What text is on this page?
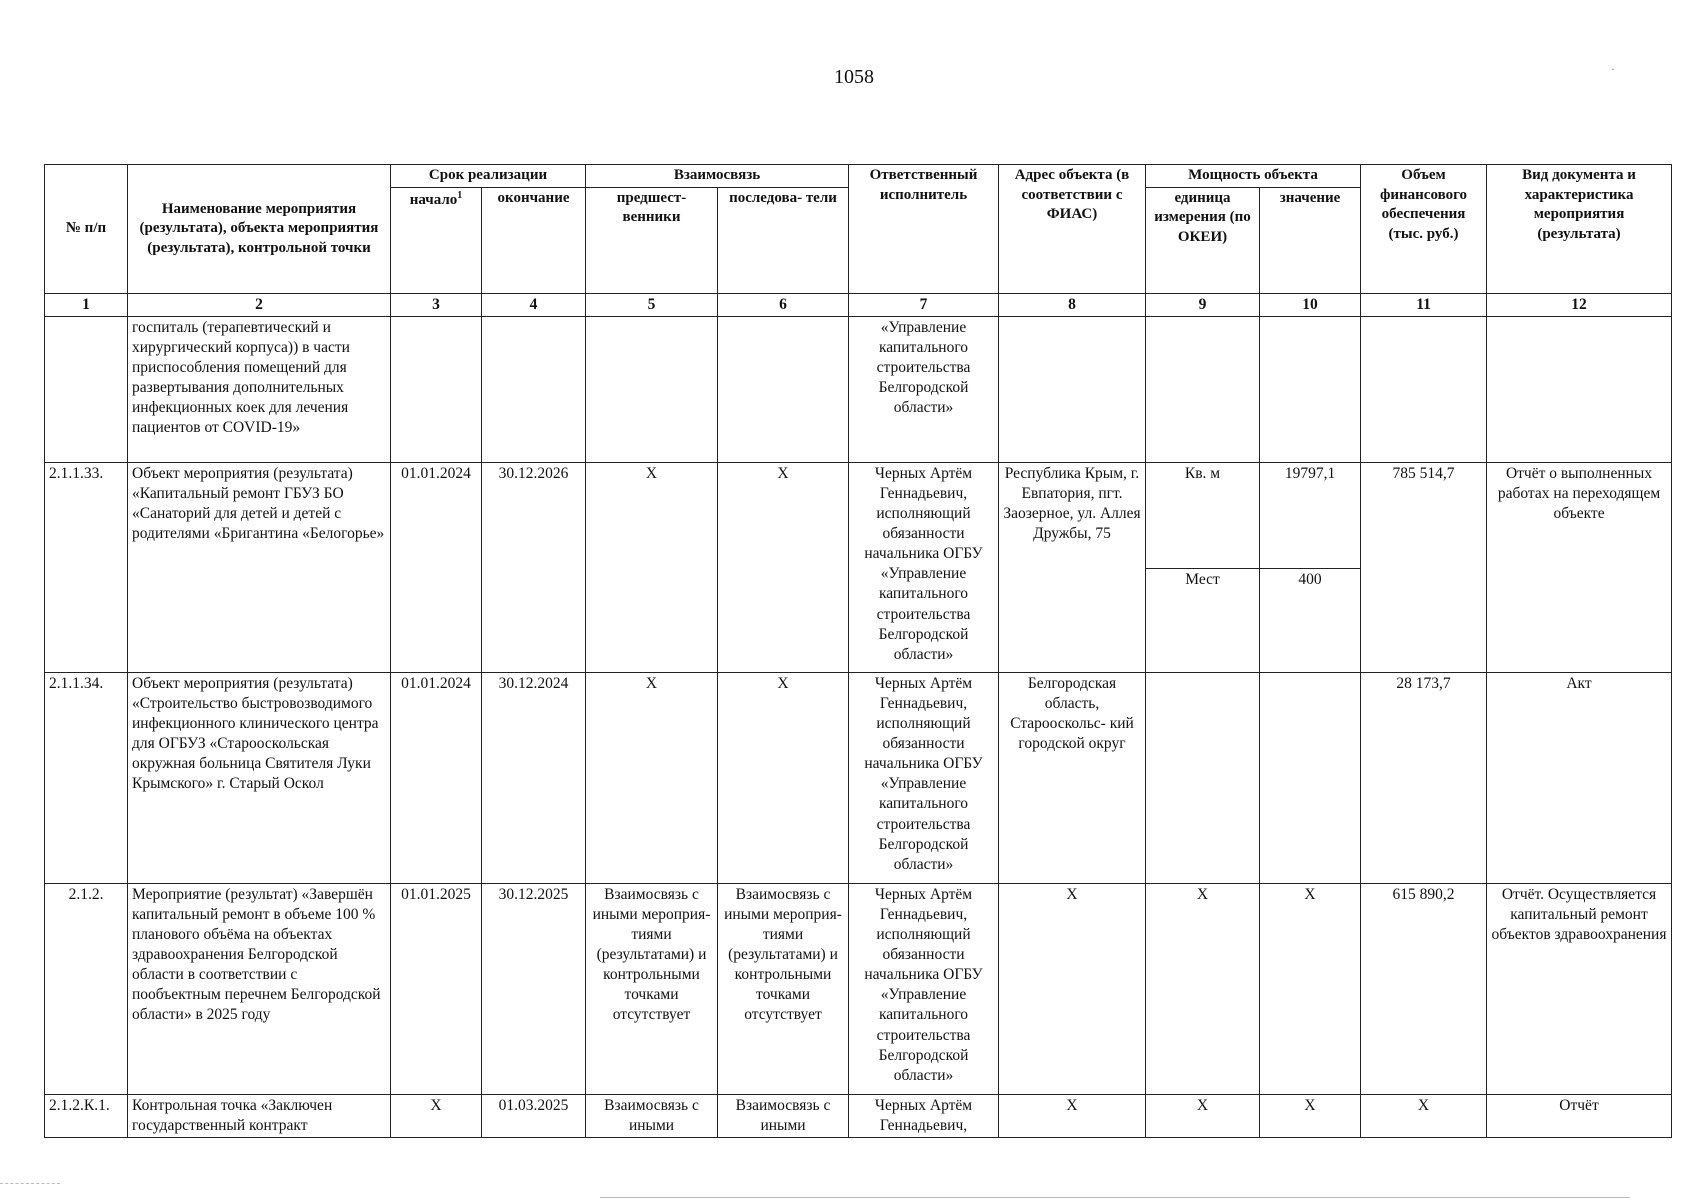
1058	·
№ п/п	Наименование мероприятия (результата), объекта мероприятия (результата), контрольной точки	Срок реализации		Взаимосвязь		Ответственный исполнитель	Адрес объекта (в соответствии с ФИАС)	Мощность объекта		Объем финансового обеспечения (тыс. руб.)	Вид документа и характеристика мероприятия (результата)
		начало$^1$	окончание	предшест- венники	последова- тели			единица измерения (по ОКЕИ)	значение		
1	2	3	4	5	6	7	8	9	10	11	12
	госпиталь (терапевтический и хирургический корпуса)) в части приспособления помещений для развертывания дополнительных инфекционных коек для лечения пациентов от COVID-19»					«Управление капитального строительства Белгородской области»					
2.1.1.33.	Объект мероприятия (результата) «Капитальный ремонт ГБУЗ БО «Санаторий для детей и детей с родителями «Бригантина «Белогорье»	01.01.2024	30.12.2026	X	X	Черных Артём Геннадьевич, исполняющий обязанности начальника ОГБУ «Управление капитального строительства Белгородской области»	Республика Крым, г. Евпатория, пгт. Заозерное, ул. Аллея Дружбы, 75	Кв. м	19797,1	785 514,7	Отчёт о выполненных работах на переходящем объекте
								Мест	400		
2.1.1.34.	Объект мероприятия (результата) «Строительство быстровозводимого инфекционного клинического центра для ОГБУЗ «Старооскольская окружная больница Святителя Луки Крымского» г. Старый Оскол	01.01.2024	30.12.2024	X	X	Черных Артём Геннадьевич, исполняющий обязанности начальника ОГБУ «Управление капитального строительства Белгородской области»	Белгородская область, Старооскольс- кий городской округ			28 173,7	Акт
2.1.2.	Мероприятие (результат) «Завершён капитальный ремонт в объеме 100 % планового объёма на объектах здравоохранения Белгородской области в соответствии с пообъектным перечнем Белгородской области» в 2025 году	01.01.2025	30.12.2025	Взаимосвязь с иными мероприя- тиями (результатами) и контрольными точками отсутствует	Взаимосвязь с иными мероприя- тиями (результатами) и контрольными точками отсутствует	Черных Артём Геннадьевич, исполняющий обязанности начальника ОГБУ «Управление капитального строительства Белгородской области»	X	X	X	615 890,2	Отчёт. Осуществляется капитальный ремонт объектов здравоохранения
2.1.2.К.1.	Контрольная точка «Заключен государственный контракт	X	01.03.2025	Взаимосвязь с иными	Взаимосвязь с иными	Черных Артём Геннадьевич,	X	X	X	X	Отчёт
